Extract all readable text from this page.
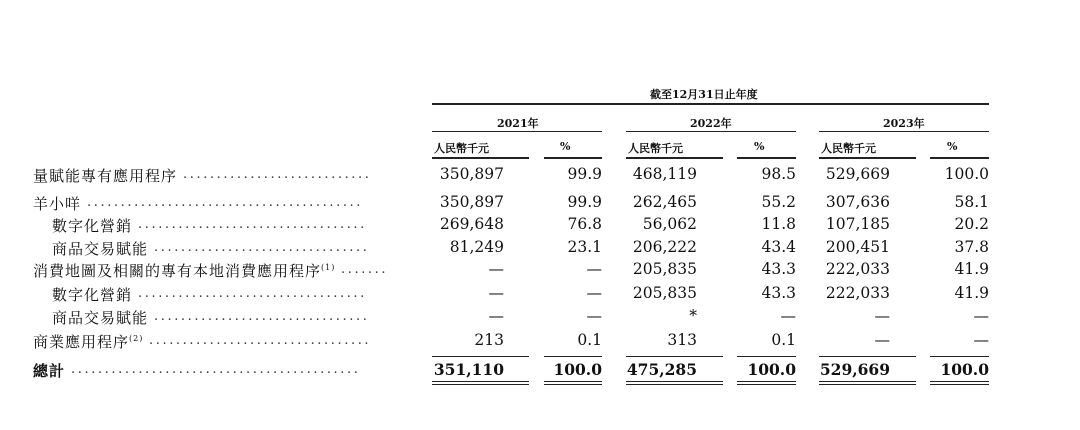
截至12月31日止年度
2021年	2022年	2023年
人民幣千元	%	人民幣千元	%	人民幣千元	%
量賦能專有應用程序 ............................	350,897	99.9 468,119	98.5 529,669	100.0
羊小咩 .........................................	350,897	99.9 262,465	55.2 307,636	58.1
數字化營銷 ..................................	269,648	76.8	56,062	11.8 107,185	20.2
商品交易賦能 ................................	81,249	23.1 206,222	43.4 200,451	37.8
消費地圖及相關的專有本地消費應用程序$^{(1)}$ .......	—	— 205,835	43.3 222,033	41.9
數字化營銷 ..................................	—	— 205,835	43.3 222,033	41.9
商品交易賦能 ................................	—	—	*	—	—	—
商業應用程序$^{(2)}$ .................................	213	0.1	313	0.1	—	—
總計 ...........................................	351,110	100.0 475,285	100.0 529,669	100.0
